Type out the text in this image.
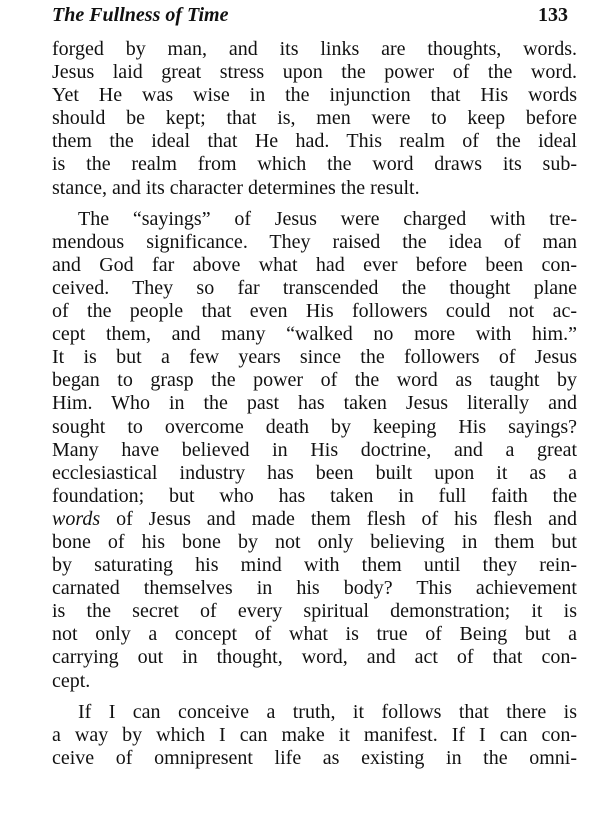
The Fullness of Time	133
forged by man, and its links are thoughts, words.
Jesus laid great stress upon the power of the word.
Yet He was wise in the injunction that His words
should be kept; that is, men were to keep before
them the ideal that He had. This realm of the ideal
is the realm from which the word draws its sub-
stance, and its character determines the result.
The “sayings” of Jesus were charged with tre-
mendous significance. They raised the idea of man
and God far above what had ever before been con-
ceived. They so far transcended the thought plane
of the people that even His followers could not ac-
cept them, and many “walked no more with him.”
It is but a few years since the followers of Jesus
began to grasp the power of the word as taught by
Him. Who in the past has taken Jesus literally and
sought to overcome death by keeping His sayings?
Many have believed in His doctrine, and a great
ecclesiastical industry has been built upon it as a
foundation; but who has taken in full faith the
words of Jesus and made them flesh of his flesh and
bone of his bone by not only believing in them but
by saturating his mind with them until they rein-
carnated themselves in his body? This achievement
is the secret of every spiritual demonstration; it is
not only a concept of what is true of Being but a
carrying out in thought, word, and act of that con-
cept.
If I can conceive a truth, it follows that there is
a way by which I can make it manifest. If I can con-
ceive of omnipresent life as existing in the omni-
